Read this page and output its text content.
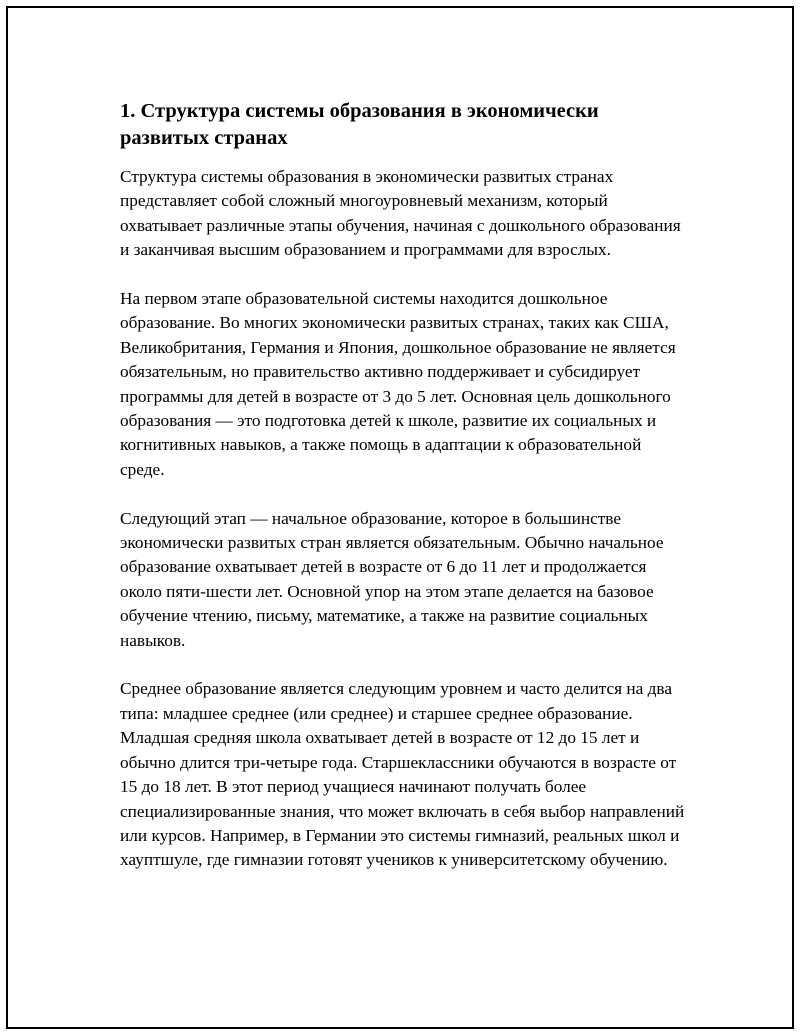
1. Структура системы образования в экономически развитых странах

Структура системы образования в экономически развитых странах представляет собой сложный многоуровневый механизм, который охватывает различные этапы обучения, начиная с дошкольного образования и заканчивая высшим образованием и программами для взрослых.

На первом этапе образовательной системы находится дошкольное образование. Во многих экономически развитых странах, таких как США, Великобритания, Германия и Япония, дошкольное образование не является обязательным, но правительство активно поддерживает и субсидирует программы для детей в возрасте от 3 до 5 лет. Основная цель дошкольного образования — это подготовка детей к школе, развитие их социальных и когнитивных навыков, а также помощь в адаптации к образовательной среде.

Следующий этап — начальное образование, которое в большинстве экономически развитых стран является обязательным. Обычно начальное образование охватывает детей в возрасте от 6 до 11 лет и продолжается около пяти-шести лет. Основной упор на этом этапе делается на базовое обучение чтению, письму, математике, а также на развитие социальных навыков.

Среднее образование является следующим уровнем и часто делится на два типа: младшее среднее (или среднее) и старшее среднее образование. Младшая средняя школа охватывает детей в возрасте от 12 до 15 лет и обычно длится три-четыре года. Старшеклассники обучаются в возрасте от 15 до 18 лет. В этот период учащиеся начинают получать более специализированные знания, что может включать в себя выбор направлений или курсов. Например, в Германии это системы гимназий, реальных школ и хауптшуле, где гимназии готовят учеников к университетскому обучению.
